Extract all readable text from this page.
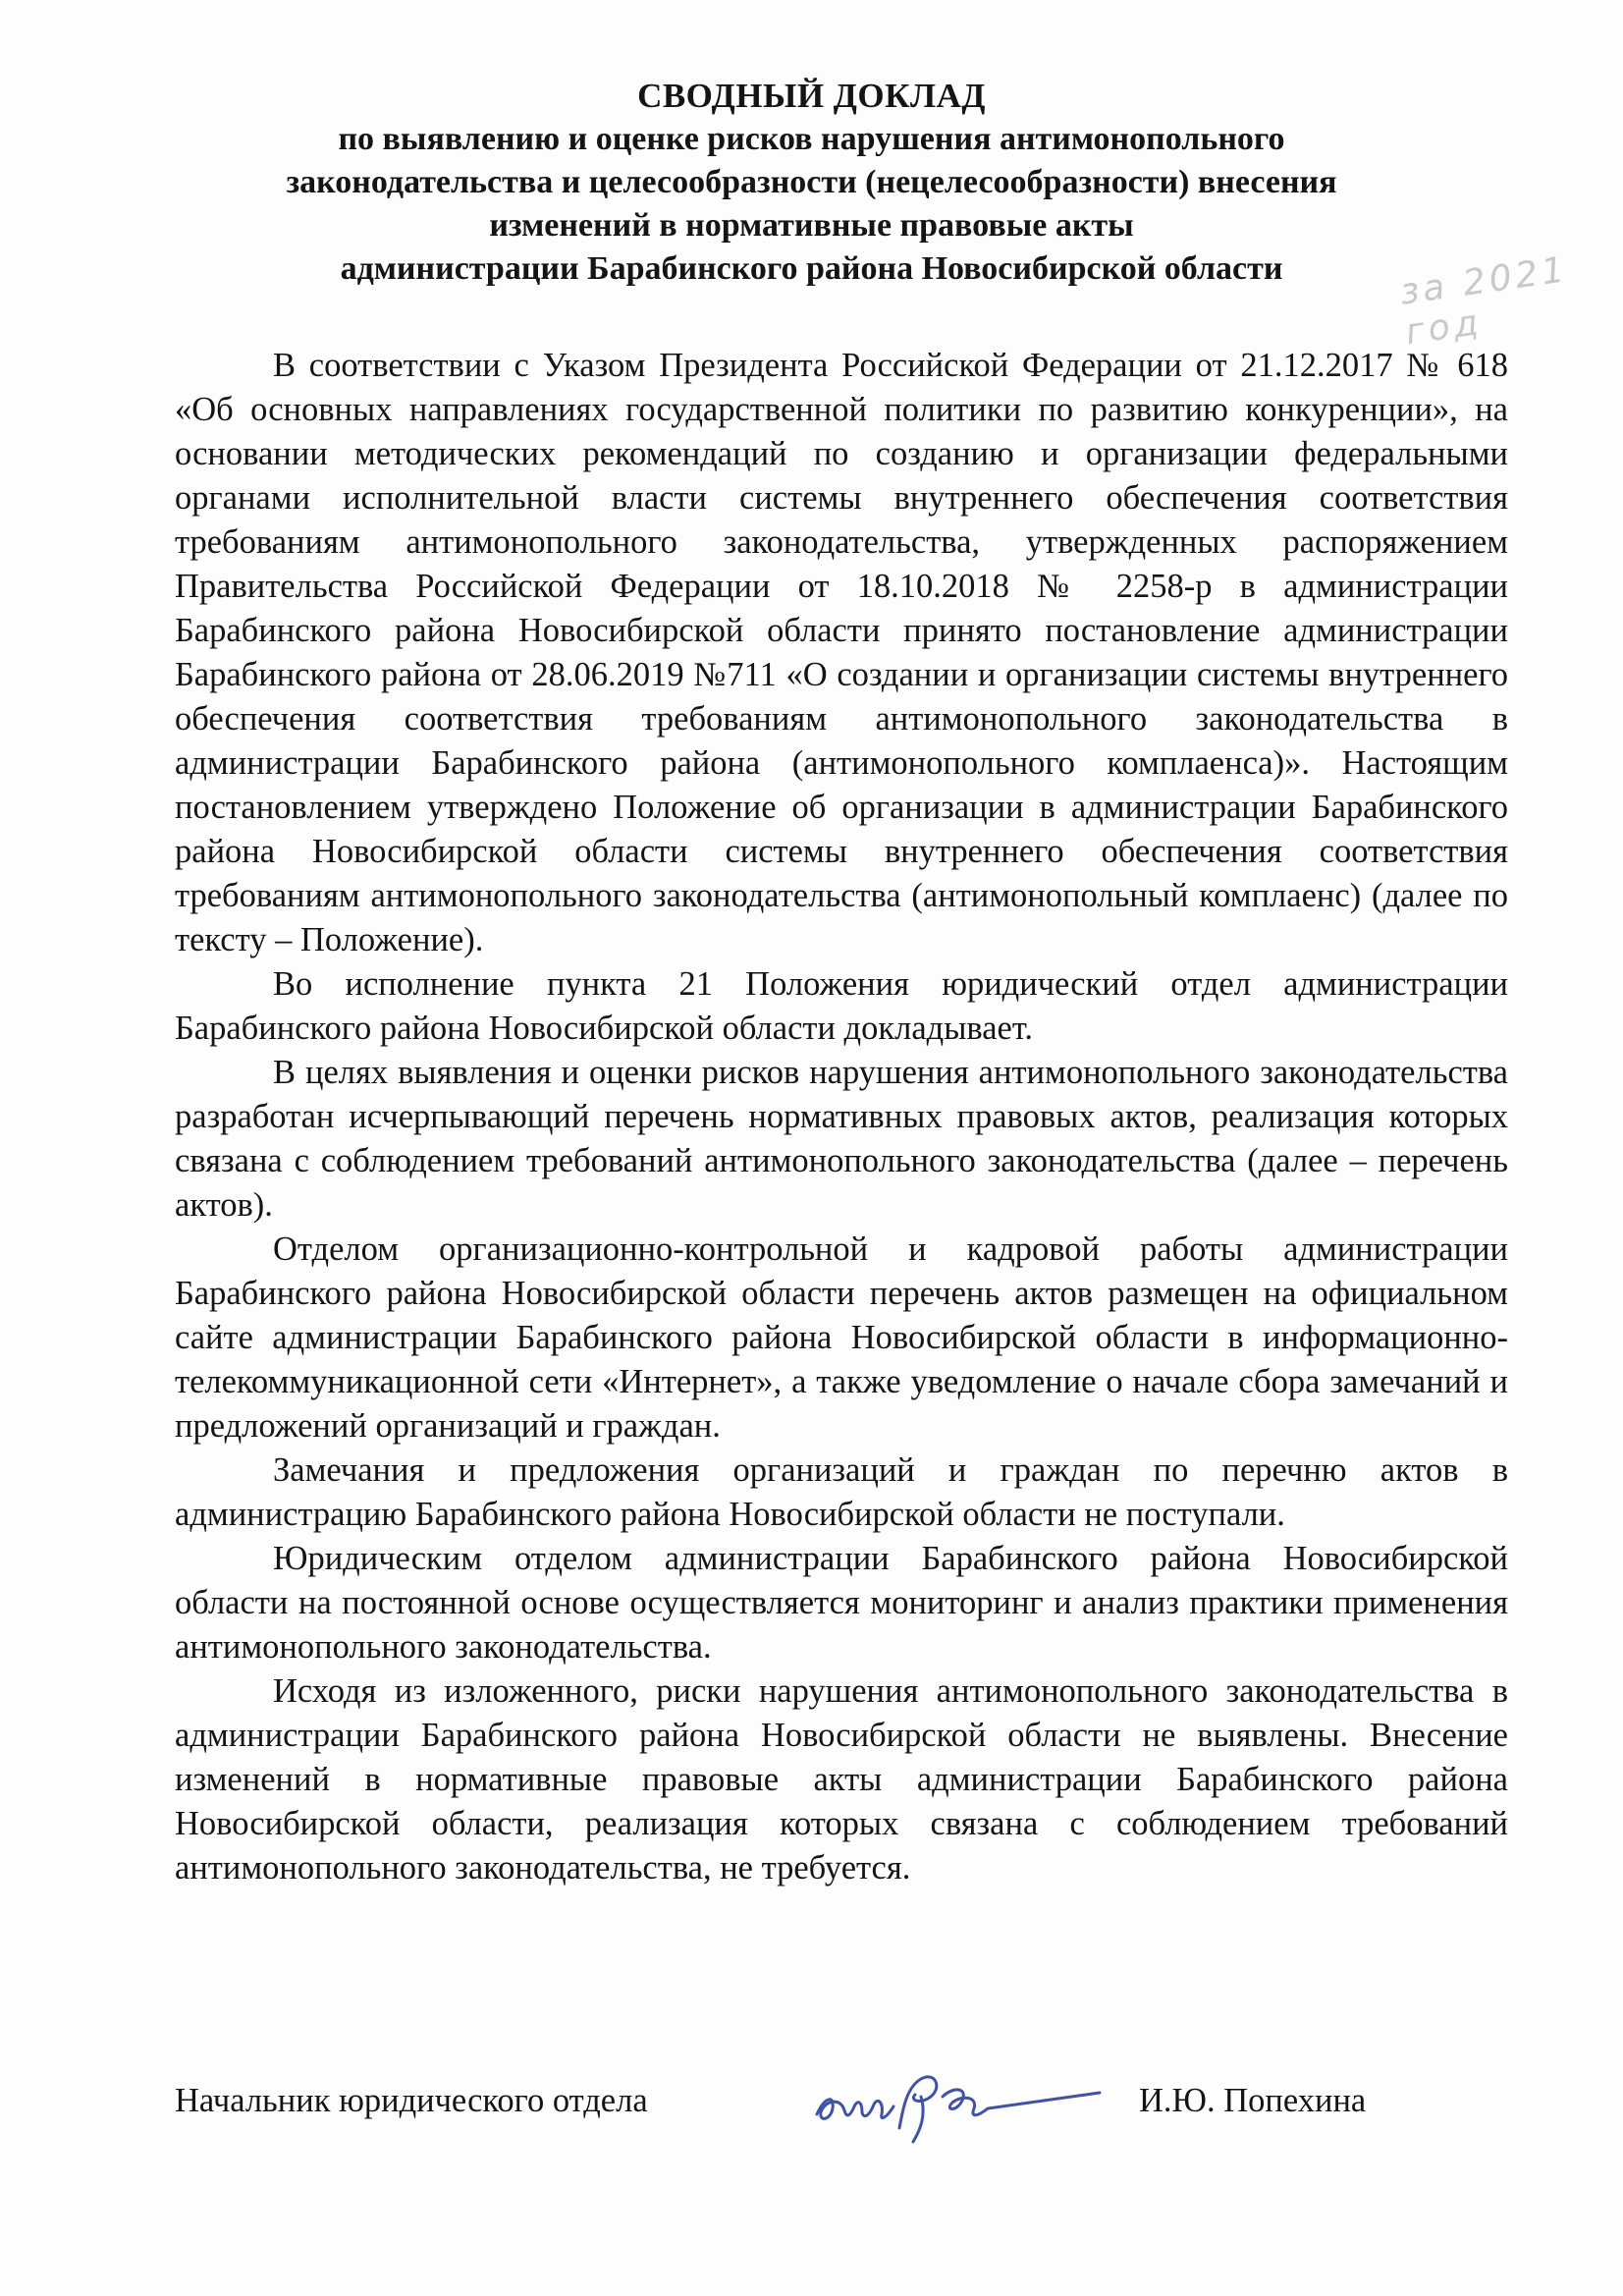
СВОДНЫЙ ДОКЛАД
по выявлению и оценке рисков нарушения антимонопольного
законодательства и целесообразности (нецелесообразности) внесения
изменений в нормативные правовые акты
администрации Барабинского района Новосибирской области	за 2021 год

В соответствии с Указом Президента Российской Федерации от 21.12.2017 № 618 «Об основных направлениях государственной политики по развитию конкуренции», на основании методических рекомендаций по созданию и организации федеральными органами исполнительной власти системы внутреннего обеспечения соответствия требованиям антимонопольного законодательства, утвержденных распоряжением Правительства Российской Федерации от 18.10.2018 № 2258-р в администрации Барабинского района Новосибирской области принято постановление администрации Барабинского района от 28.06.2019 №711 «О создании и организации системы внутреннего обеспечения соответствия требованиям антимонопольного законодательства в администрации Барабинского района (антимонопольного комплаенса)». Настоящим постановлением утверждено Положение об организации в администрации Барабинского района Новосибирской области системы внутреннего обеспечения соответствия требованиям антимонопольного законодательства (антимонопольный комплаенс) (далее по тексту – Положение).

Во исполнение пункта 21 Положения юридический отдел администрации Барабинского района Новосибирской области докладывает.

В целях выявления и оценки рисков нарушения антимонопольного законодательства разработан исчерпывающий перечень нормативных правовых актов, реализация которых связана с соблюдением требований антимонопольного законодательства (далее – перечень актов).

Отделом организационно-контрольной и кадровой работы администрации Барабинского района Новосибирской области перечень актов размещен на официальном сайте администрации Барабинского района Новосибирской области в информационно-телекоммуникационной сети «Интернет», а также уведомление о начале сбора замечаний и предложений организаций и граждан.

Замечания и предложения организаций и граждан по перечню актов в администрацию Барабинского района Новосибирской области не поступали.

Юридическим отделом администрации Барабинского района Новосибирской области на постоянной основе осуществляется мониторинг и анализ практики применения антимонопольного законодательства.

Исходя из изложенного, риски нарушения антимонопольного законодательства в администрации Барабинского района Новосибирской области не выявлены. Внесение изменений в нормативные правовые акты администрации Барабинского района Новосибирской области, реализация которых связана с соблюдением требований антимонопольного законодательства, не требуется.

Начальник юридического отдела	И.Ю. Попехина
